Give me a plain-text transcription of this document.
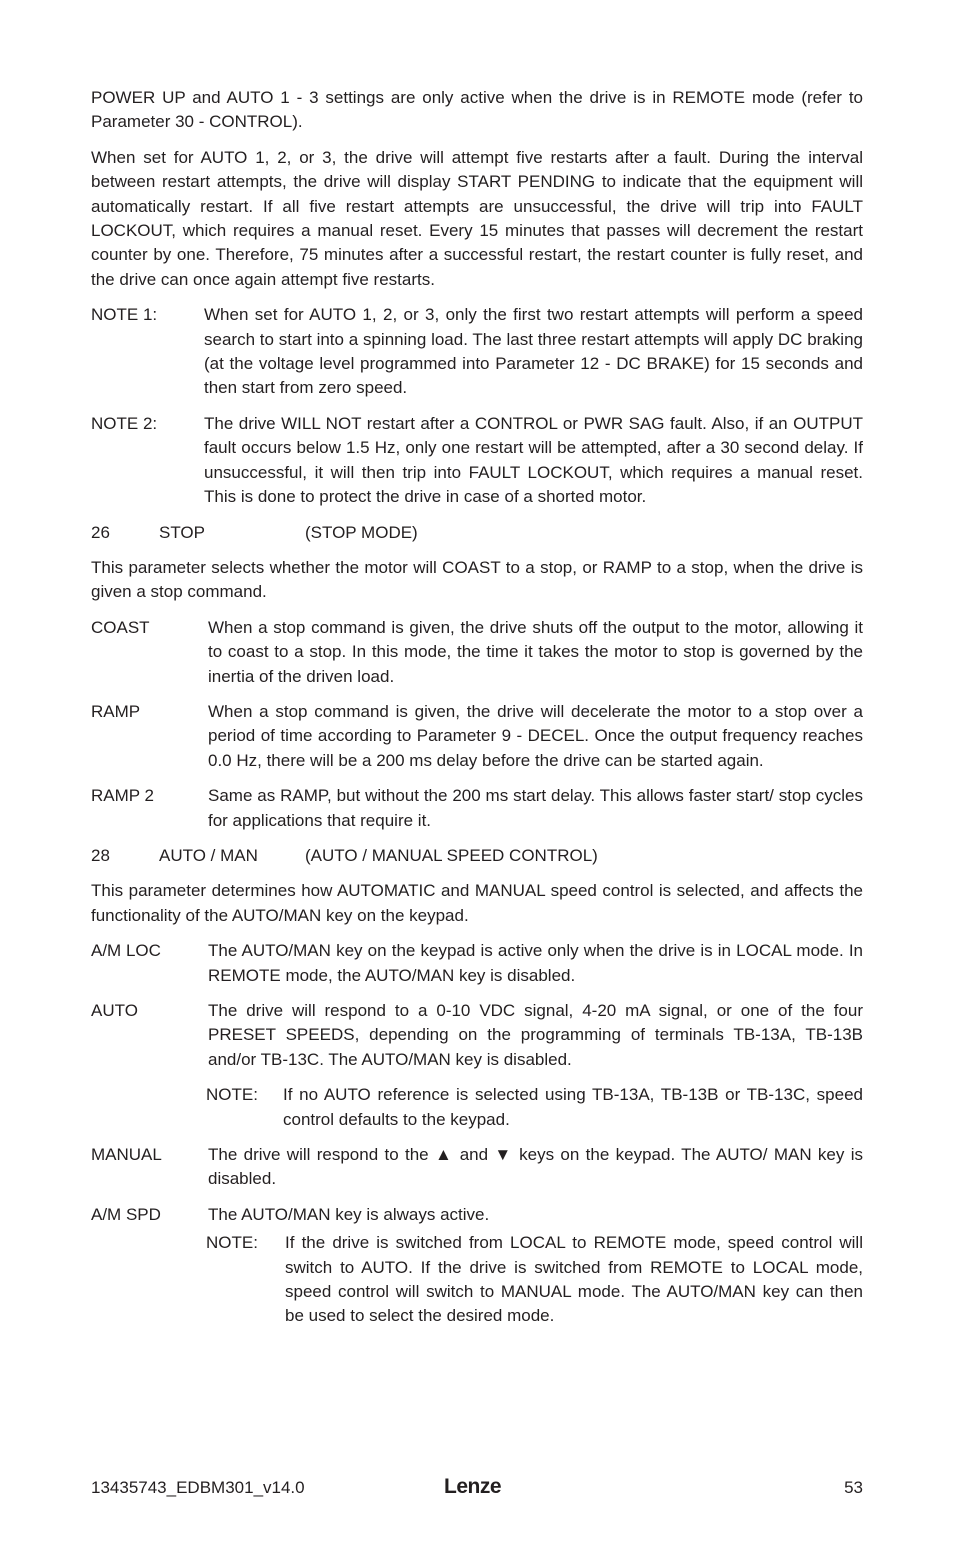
POWER UP and AUTO 1 - 3 settings are only active when the drive is in REMOTE mode (refer to Parameter 30 - CONTROL).

When set for AUTO 1, 2, or 3, the drive will attempt five restarts after a fault. During the interval between restart attempts, the drive will display START PENDING to indicate that the equipment will automatically restart. If all five restart attempts are unsuccessful, the drive will trip into FAULT LOCKOUT, which requires a manual reset. Every 15 minutes that passes will decrement the restart counter by one. Therefore, 75 minutes after a successful restart, the restart counter is fully reset, and the drive can once again attempt five restarts.

NOTE 1:	When set for AUTO 1, 2, or 3, only the first two restart attempts will perform a speed search to start into a spinning load. The last three restart attempts will apply DC braking (at the voltage level programmed into Parameter 12 - DC BRAKE) for 15 seconds and then start from zero speed.
NOTE 2:	The drive WILL NOT restart after a CONTROL or PWR SAG fault. Also, if an OUTPUT fault occurs below 1.5 Hz, only one restart will be attempted, after a 30 second delay. If unsuccessful, it will then trip into FAULT LOCKOUT, which requires a manual reset. This is done to protect the drive in case of a shorted motor.
26	STOP	(STOP MODE)

This parameter selects whether the motor will COAST to a stop, or RAMP to a stop, when the drive is given a stop command.

COAST	When a stop command is given, the drive shuts off the output to the motor, allowing it to coast to a stop. In this mode, the time it takes the motor to stop is governed by the inertia of the driven load.
RAMP	When a stop command is given, the drive will decelerate the motor to a stop over a period of time according to Parameter 9 - DECEL. Once the output frequency reaches 0.0 Hz, there will be a 200 ms delay before the drive can be started again.
RAMP 2	Same as RAMP, but without the 200 ms start delay. This allows faster start/ stop cycles for applications that require it.
28	AUTO / MAN	(AUTO / MANUAL SPEED CONTROL)

This parameter determines how AUTOMATIC and MANUAL speed control is selected, and affects the functionality of the AUTO/MAN key on the keypad.

A/M LOC	The AUTO/MAN key on the keypad is active only when the drive is in LOCAL mode. In REMOTE mode, the AUTO/MAN key is disabled.
AUTO	The drive will respond to a 0-10 VDC signal, 4-20 mA signal, or one of the four PRESET SPEEDS, depending on the programming of terminals TB-13A, TB-13B and/or TB-13C. The AUTO/MAN key is disabled.
NOTE:	If no AUTO reference is selected using TB-13A, TB-13B or TB-13C, speed control defaults to the keypad.
MANUAL	The drive will respond to the ▲ and ▼ keys on the keypad. The AUTO/ MAN key is disabled.
A/M SPD	The AUTO/MAN key is always active.
NOTE:	If the drive is switched from LOCAL to REMOTE mode, speed control will switch to AUTO. If the drive is switched from REMOTE to LOCAL mode, speed control will switch to MANUAL mode. The AUTO/MAN key can then be used to select the desired mode.
13435743_EDBM301_v14.0	Lenze	53
